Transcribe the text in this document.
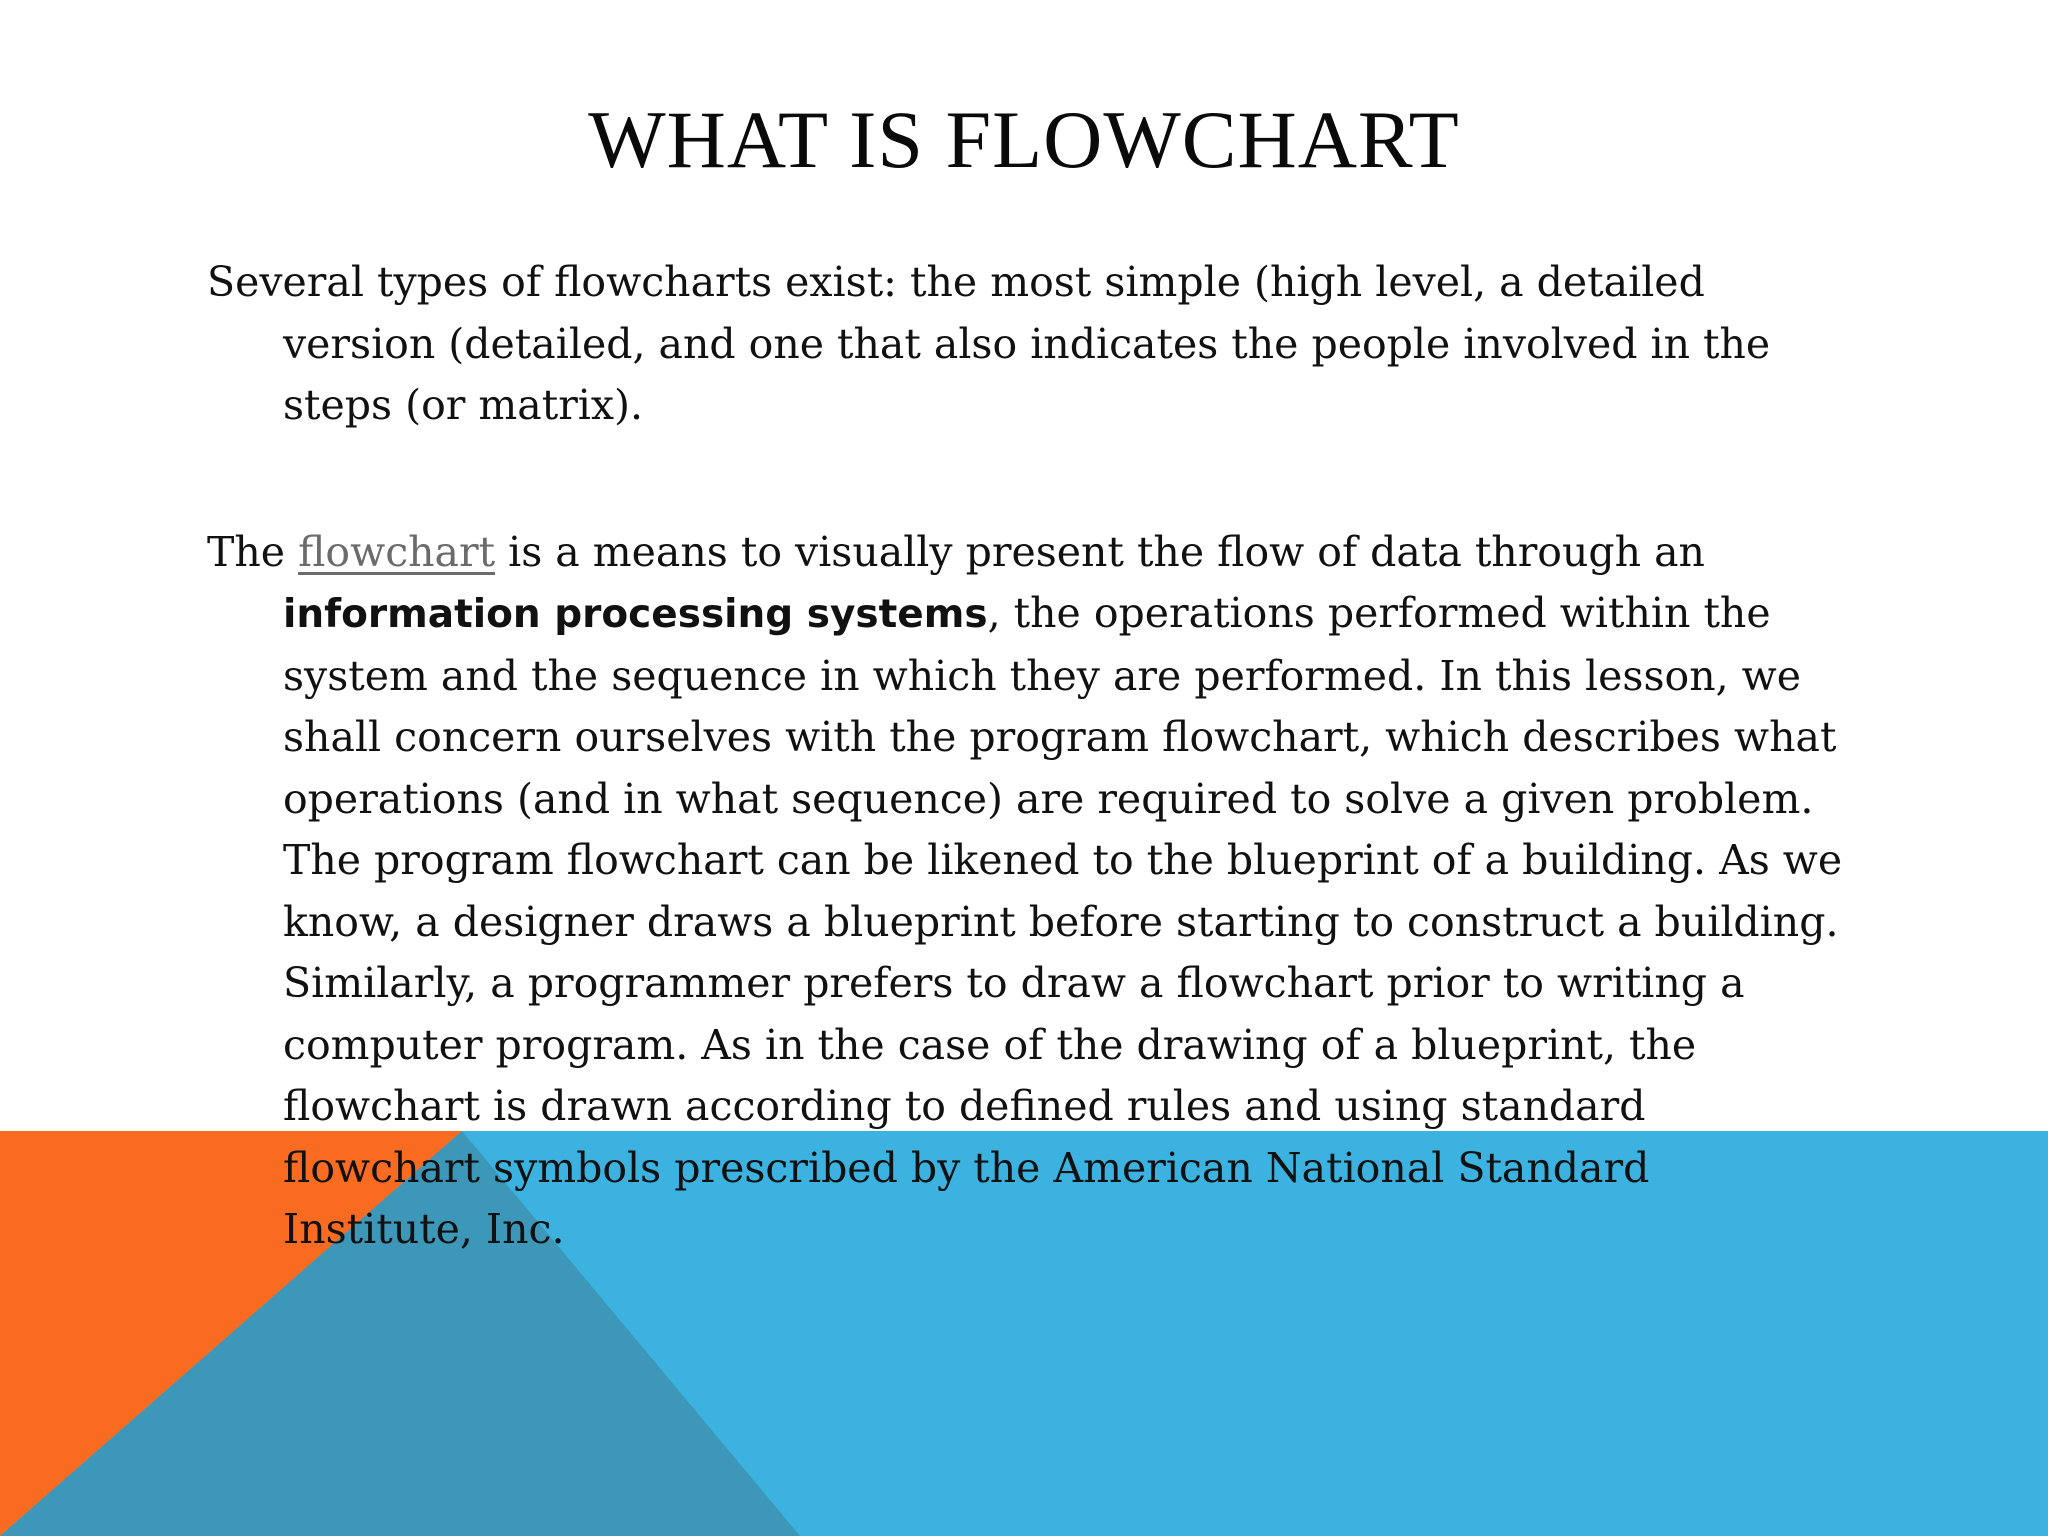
WHAT IS FLOWCHART

Several types of flowcharts exist: the most simple (high level, a detailed version (detailed, and one that also indicates the people involved in the steps (or matrix).

The flowchart is a means to visually present the flow of data through an information processing systems, the operations performed within the system and the sequence in which they are performed. In this lesson, we shall concern ourselves with the program flowchart, which describes what operations (and in what sequence) are required to solve a given problem. The program flowchart can be likened to the blueprint of a building. As we know, a designer draws a blueprint before starting to construct a building. Similarly, a programmer prefers to draw a flowchart prior to writing a computer program. As in the case of the drawing of a blueprint, the flowchart is drawn according to defined rules and using standard flowchart symbols prescribed by the American National Standard Institute, Inc.
